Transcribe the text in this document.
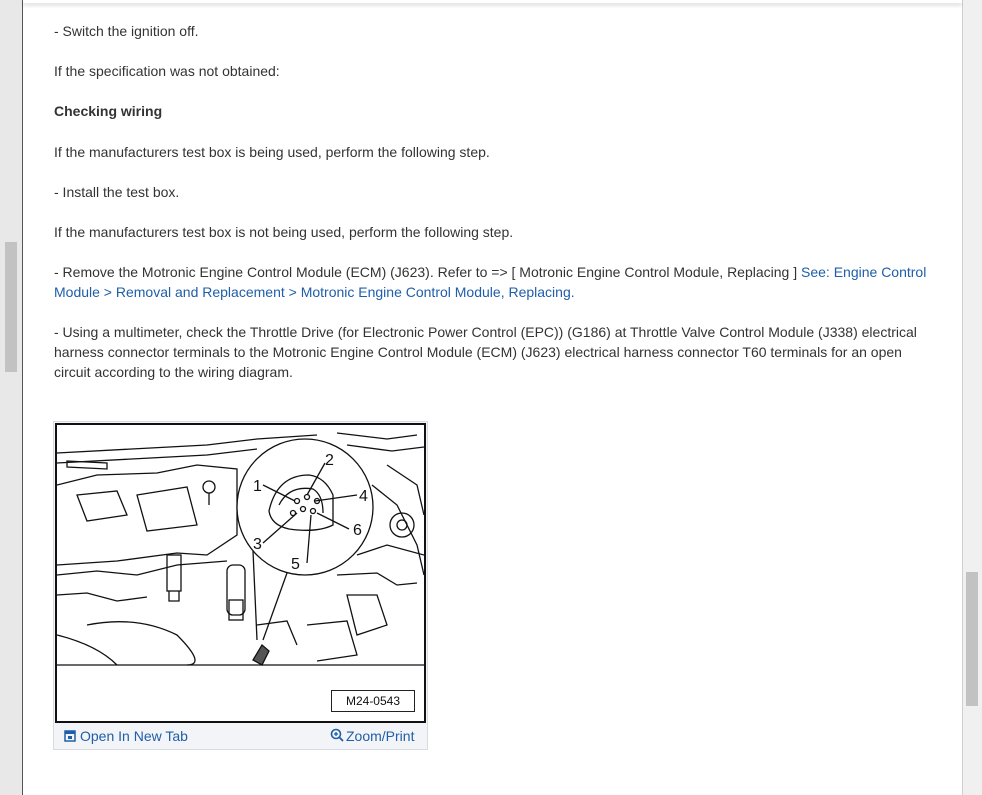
- Switch the ignition off.
If the specification was not obtained:
Checking wiring
If the manufacturers test box is being used, perform the following step.
- Install the test box.
If the manufacturers test box is not being used, perform the following step.
- Remove the Motronic Engine Control Module (ECM) (J623). Refer to => [ Motronic Engine Control Module, Replacing ] See: Engine Control Module > Removal and Replacement > Motronic Engine Control Module, Replacing.
- Using a multimeter, check the Throttle Drive (for Electronic Power Control (EPC)) (G186) at Throttle Valve Control Module (J338) electrical harness connector terminals to the Motronic Engine Control Module (ECM) (J623) electrical harness connector T60 terminals for an open circuit according to the wiring diagram.
1
2
3
4
5
6
M24-0543
Open In New Tab	Zoom/Print
